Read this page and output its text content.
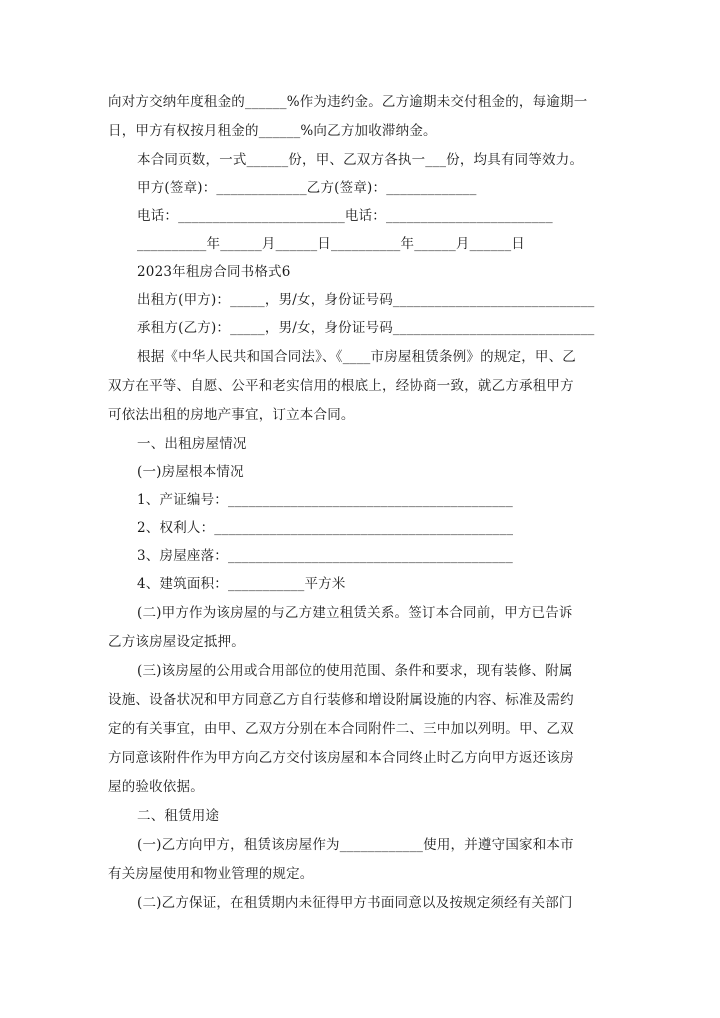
向对方交纳年度租金的______%作为违约金。乙方逾期未交付租金的，每逾期一
日，甲方有权按月租金的______%向乙方加收滞纳金。
本合同页数，一式______份，甲、乙双方各执一___份，均具有同等效力。
甲方(签章)：_____________乙方(签章)：_____________
电话：________________________电话：________________________
__________年______月______日__________年______月______日
2023年租房合同书格式6
出租方(甲方)：_____，男/女，身份证号码_____________________________
承租方(乙方)：_____，男/女，身份证号码_____________________________
根据《中华人民共和国合同法》、《____市房屋租赁条例》的规定，甲、乙
双方在平等、自愿、公平和老实信用的根底上，经协商一致，就乙方承租甲方
可依法出租的房地产事宜，订立本合同。
一、出租房屋情况
(一)房屋根本情况
1、产证编号：_________________________________________
2、权利人：___________________________________________
3、房屋座落：_________________________________________
4、建筑面积：___________平方米
(二)甲方作为该房屋的与乙方建立租赁关系。签订本合同前，甲方已告诉
乙方该房屋设定抵押。
(三)该房屋的公用或合用部位的使用范围、条件和要求，现有装修、附属
设施、设备状况和甲方同意乙方自行装修和增设附属设施的内容、标准及需约
定的有关事宜，由甲、乙双方分别在本合同附件二、三中加以列明。甲、乙双
方同意该附件作为甲方向乙方交付该房屋和本合同终止时乙方向甲方返还该房
屋的验收依据。
二、租赁用途
(一)乙方向甲方，租赁该房屋作为____________使用，并遵守国家和本市
有关房屋使用和物业管理的规定。
(二)乙方保证，在租赁期内未征得甲方书面同意以及按规定须经有关部门
